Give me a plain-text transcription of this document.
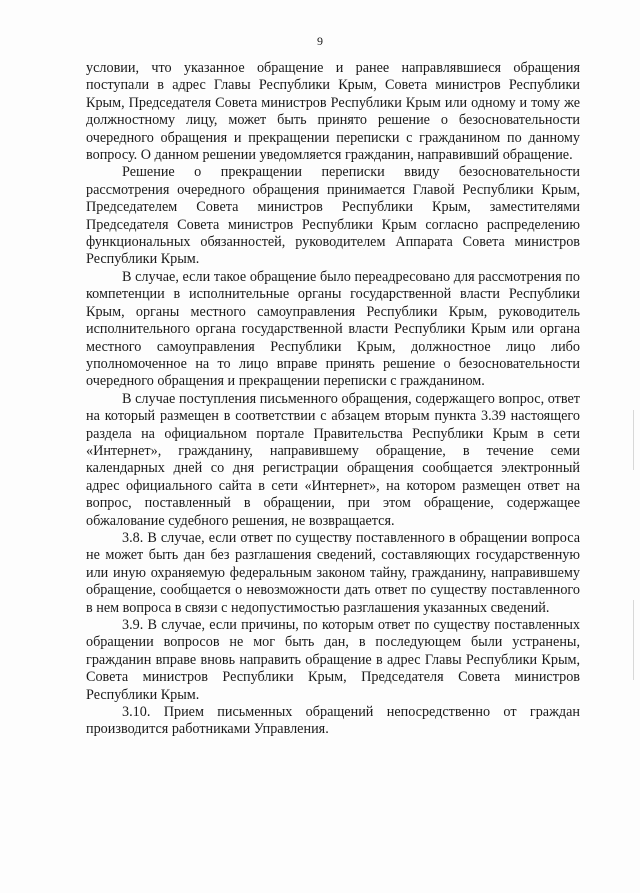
9

условии, что указанное обращение и ранее направлявшиеся обращения поступали в адрес Главы Республики Крым, Совета министров Республики Крым, Председателя Совета министров Республики Крым или одному и тому же должностному лицу, может быть принято решение о безосновательности очередного обращения и прекращении переписки с гражданином по данному вопросу. О данном решении уведомляется гражданин, направивший обращение.

Решение о прекращении переписки ввиду безосновательности рассмотрения очередного обращения принимается Главой Республики Крым, Председателем Совета министров Республики Крым, заместителями Председателя Совета министров Республики Крым согласно распределению функциональных обязанностей, руководителем Аппарата Совета министров Республики Крым.

В случае, если такое обращение было переадресовано для рассмотрения по компетенции в исполнительные органы государственной власти Республики Крым, органы местного самоуправления Республики Крым, руководитель исполнительного органа государственной власти Республики Крым или органа местного самоуправления Республики Крым, должностное лицо либо уполномоченное на то лицо вправе принять решение о безосновательности очередного обращения и прекращении переписки с гражданином.

В случае поступления письменного обращения, содержащего вопрос, ответ на который размещен в соответствии с абзацем вторым пункта 3.39 настоящего раздела на официальном портале Правительства Республики Крым в сети «Интернет», гражданину, направившему обращение, в течение семи календарных дней со дня регистрации обращения сообщается электронный адрес официального сайта в сети «Интернет», на котором размещен ответ на вопрос, поставленный в обращении, при этом обращение, содержащее обжалование судебного решения, не возвращается.

3.8. В случае, если ответ по существу поставленного в обращении вопроса не может быть дан без разглашения сведений, составляющих государственную или иную охраняемую федеральным законом тайну, гражданину, направившему обращение, сообщается о невозможности дать ответ по существу поставленного в нем вопроса в связи с недопустимостью разглашения указанных сведений.

3.9. В случае, если причины, по которым ответ по существу поставленных обращении вопросов не мог быть дан, в последующем были устранены, гражданин вправе вновь направить обращение в адрес Главы Республики Крым, Совета министров Республики Крым, Председателя Совета министров Республики Крым.

3.10. Прием письменных обращений непосредственно от граждан производится работниками Управления.
